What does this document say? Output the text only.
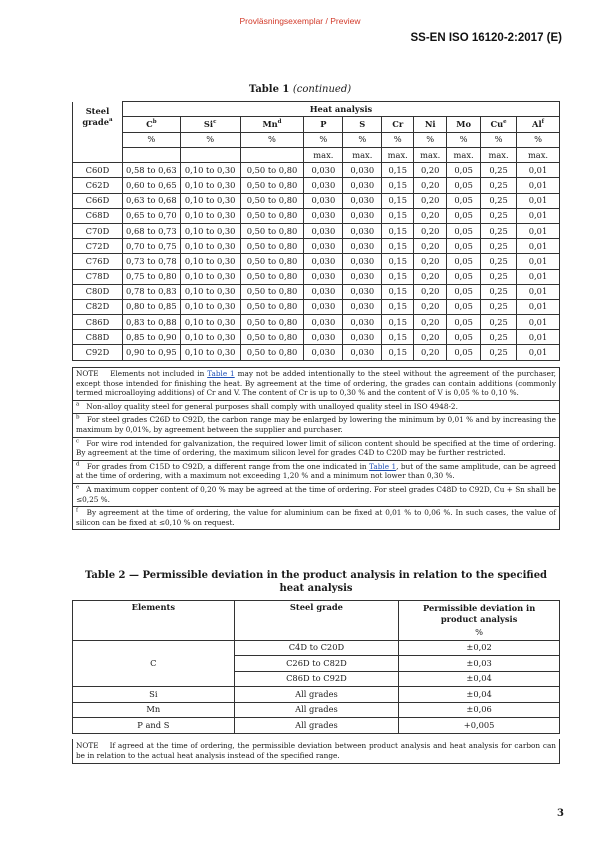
Provläsningsexemplar / Preview
SS-EN ISO 16120-2:2017 (E)
Table 1 (continued)
Steel grade$^a$	Heat analysis									
	$C^b$	Si$^c$	Mn$^d$	P	S	Cr	Ni	Mo	Cu$^e$	Al$^f$
	%	%	%	%	%	%	%	%	%	%
				max.	max.	max.	max.	max.	max.	max.
C60D	0,58 to 0,63	0,10 to 0,30	0,50 to 0,80	0,030	0,030	0,15	0,20	0,05	0,25	0,01
C62D	0,60 to 0,65	0,10 to 0,30	0,50 to 0,80	0,030	0,030	0,15	0,20	0,05	0,25	0,01
C66D	0,63 to 0,68	0,10 to 0,30	0,50 to 0,80	0,030	0,030	0,15	0,20	0,05	0,25	0,01
C68D	0,65 to 0,70	0,10 to 0,30	0,50 to 0,80	0,030	0,030	0,15	0,20	0,05	0,25	0,01
C70D	0,68 to 0,73	0,10 to 0,30	0,50 to 0,80	0,030	0,030	0,15	0,20	0,05	0,25	0,01
C72D	0,70 to 0,75	0,10 to 0,30	0,50 to 0,80	0,030	0,030	0,15	0,20	0,05	0,25	0,01
C76D	0,73 to 0,78	0,10 to 0,30	0,50 to 0,80	0,030	0,030	0,15	0,20	0,05	0,25	0,01
C78D	0,75 to 0,80	0,10 to 0,30	0,50 to 0,80	0,030	0,030	0,15	0,20	0,05	0,25	0,01
C80D	0,78 to 0,83	0,10 to 0,30	0,50 to 0,80	0,030	0,030	0,15	0,20	0,05	0,25	0,01
C82D	0,80 to 0,85	0,10 to 0,30	0,50 to 0,80	0,030	0,030	0,15	0,20	0,05	0,25	0,01
C86D	0,83 to 0,88	0,10 to 0,30	0,50 to 0,80	0,030	0,030	0,15	0,20	0,05	0,25	0,01
C88D	0,85 to 0,90	0,10 to 0,30	0,50 to 0,80	0,030	0,030	0,15	0,20	0,05	0,25	0,01
C92D	0,90 to 0,95	0,10 to 0,30	0,50 to 0,80	0,030	0,030	0,15	0,20	0,05	0,25	0,01
NOTE Elements not included in Table 1 may not be added intentionally to the steel without the agreement of the purchaser, except those intended for finishing the heat. By agreement at the time of ordering, the grades can contain additions (commonly termed microalloying additions) of Cr and V. The content of Cr is up to 0,30 % and the content of V is 0,05 % to 0,10 %.
$^a$ Non-alloy quality steel for general purposes shall comply with unalloyed quality steel in ISO 4948-2.
$^b$ For steel grades C26D to C92D, the carbon range may be enlarged by lowering the minimum by 0,01 % and by increasing the maximum by 0,01%, by agreement between the supplier and purchaser.
$^c$ For wire rod intended for galvanization, the required lower limit of silicon content should be specified at the time of ordering. By agreement at the time of ordering, the maximum silicon level for grades C4D to C20D may be further restricted.
$^d$ For grades from C15D to C92D, a different range from the one indicated in Table 1, but of the same amplitude, can be agreed at the time of ordering, with a maximum not exceeding 1,20 % and a minimum not lower than 0,30 %.
$^e$ A maximum copper content of 0,20 % may be agreed at the time of ordering. For steel grades C48D to C92D, Cu + Sn shall be ≤0,25 %.
$^f$ By agreement at the time of ordering, the value for aluminium can be fixed at 0,01 % to 0,06 %. In such cases, the value of silicon can be fixed at ≤0,10 % on request.
Table 2 — Permissible deviation in the product analysis in relation to the specified heat analysis
Elements	Steel grade	Permissible deviation in product analysis
		%
C	C4D to C20D	±0,02
	C26D to C82D	±0,03
	C86D to C92D	±0,04
Si	All grades	±0,04
Mn	All grades	±0,06
P and S	All grades	+0,005
NOTE If agreed at the time of ordering, the permissible deviation between product analysis and heat analysis for carbon can be in relation to the actual heat analysis instead of the specified range.
3
